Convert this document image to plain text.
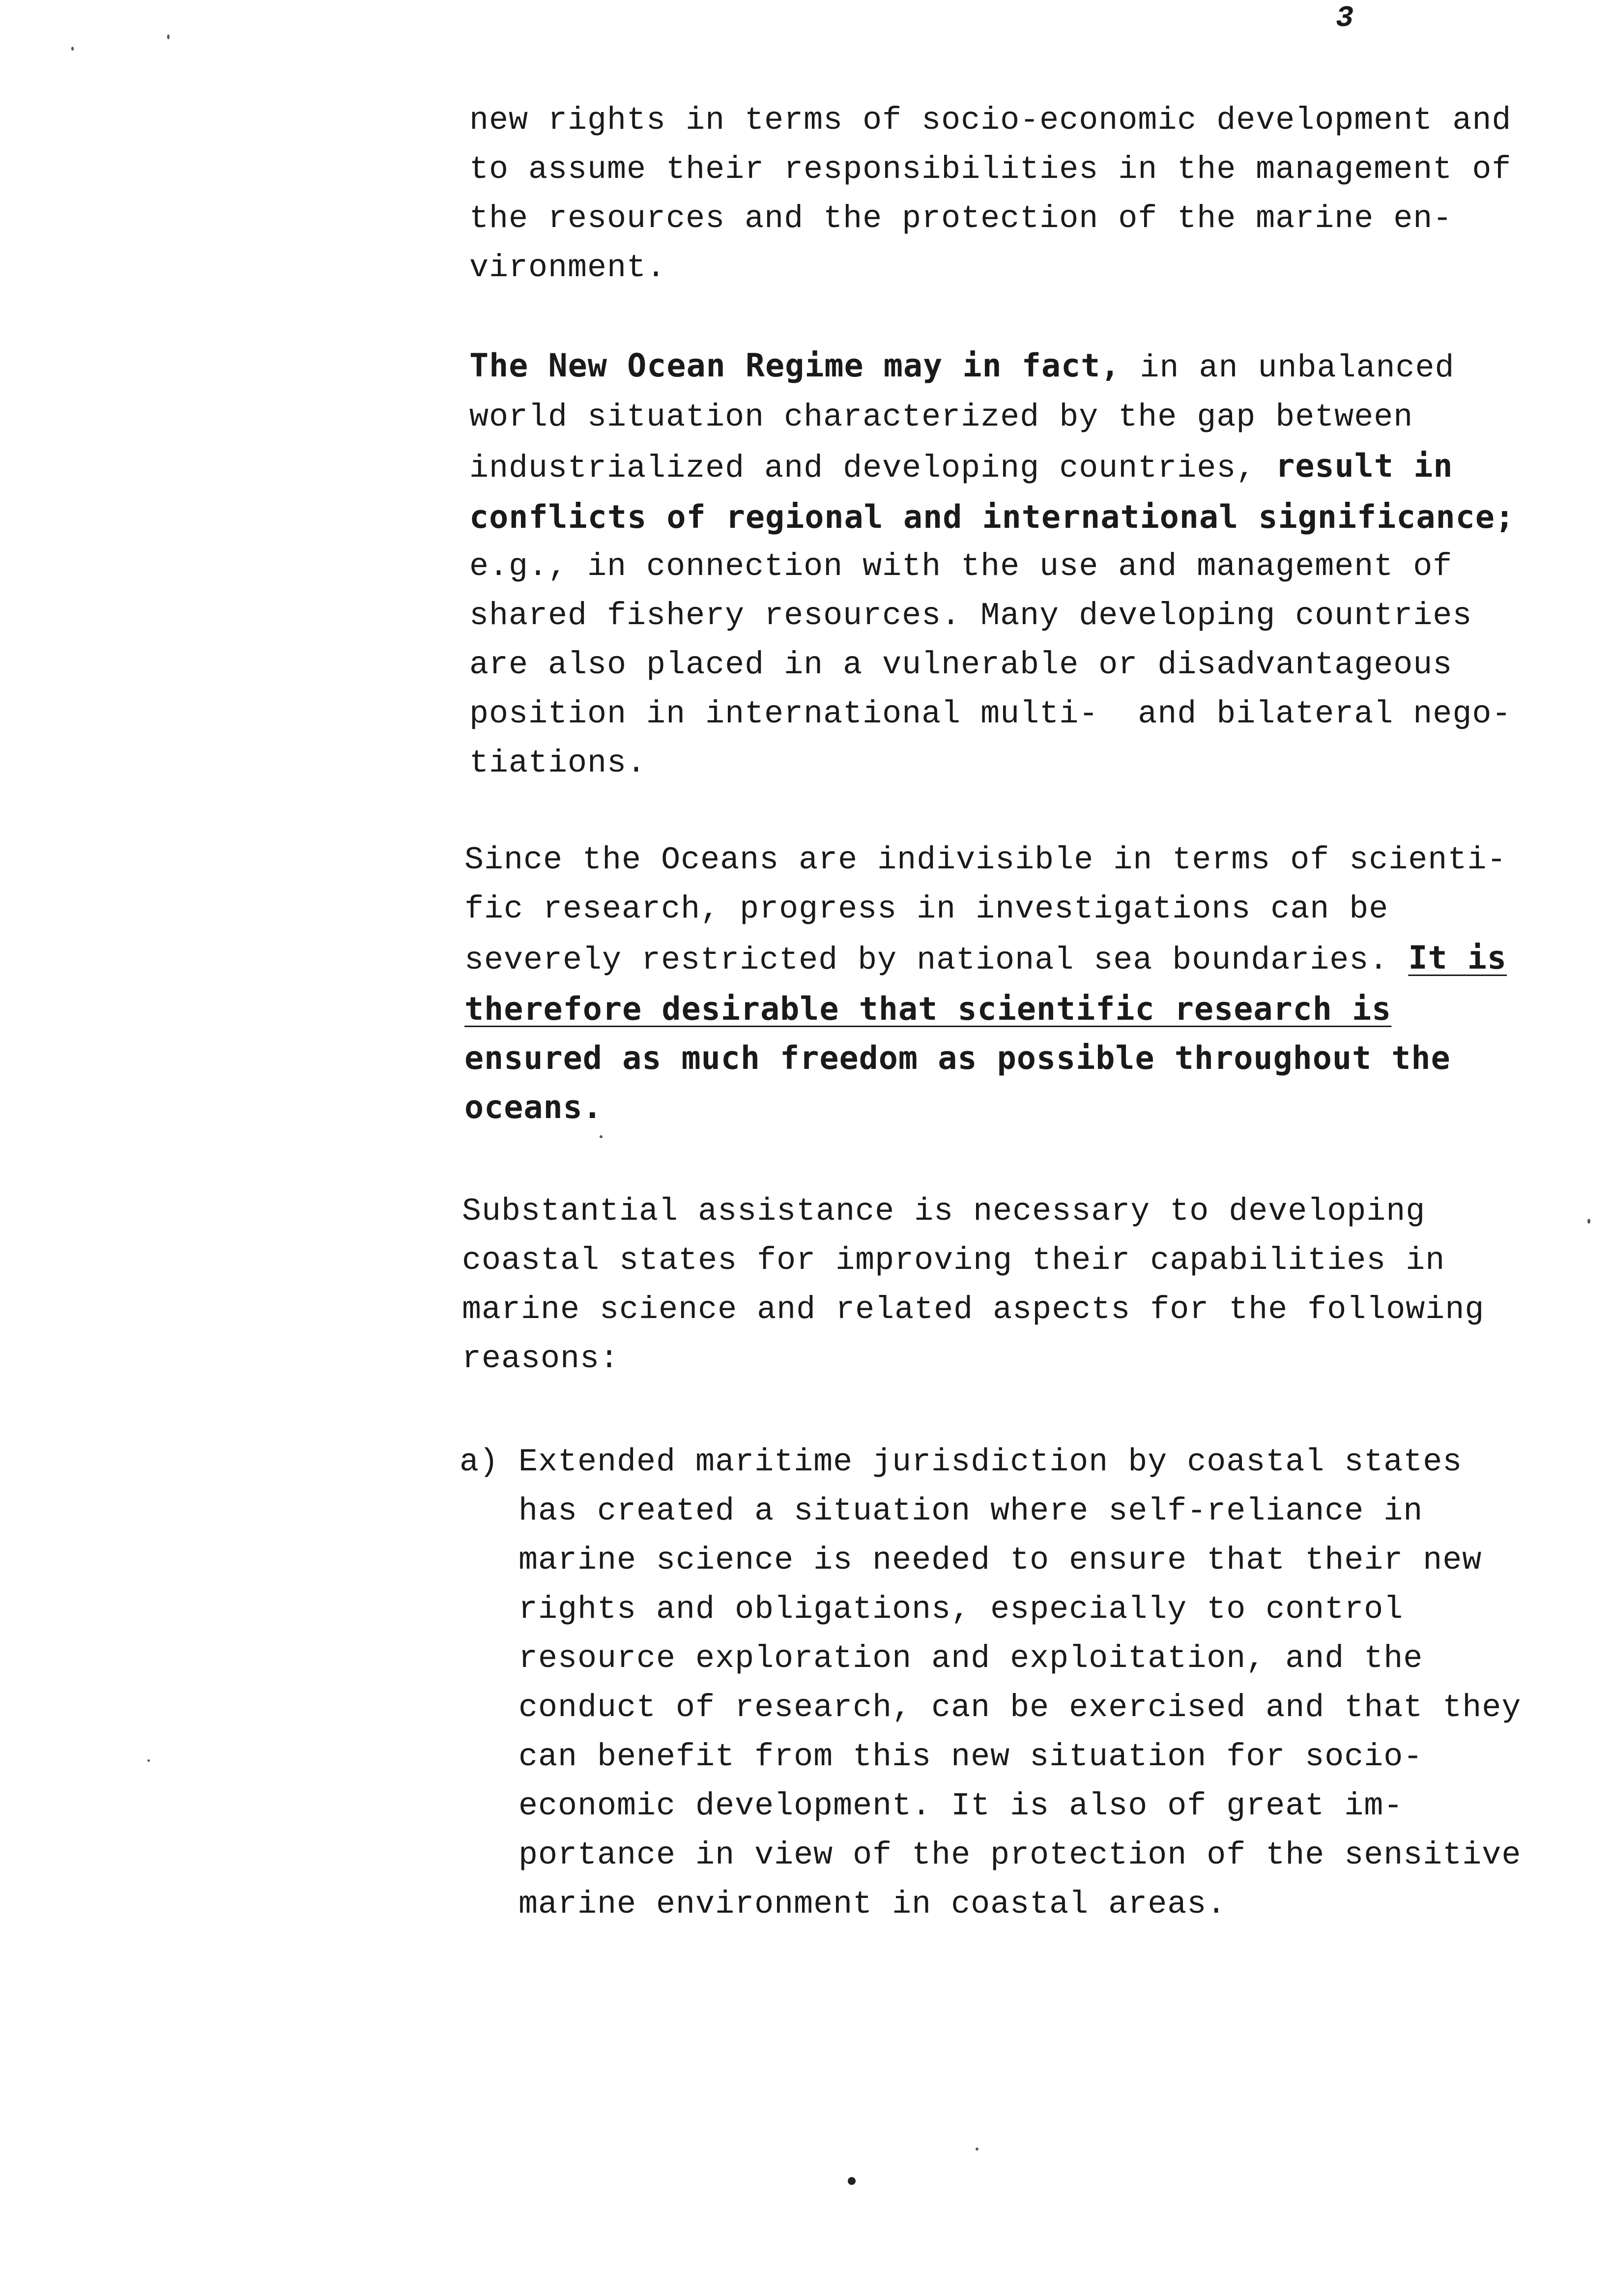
3
new rights in terms of socio-economic development and
to assume their responsibilities in the management of
the resources and the protection of the marine en-
vironment.
The New Ocean Regime may in fact, in an unbalanced
world situation characterized by the gap between
industrialized and developing countries, result in
conflicts of regional and international significance;
e.g., in connection with the use and management of
shared fishery resources. Many developing countries
are also placed in a vulnerable or disadvantageous
position in international multi-  and bilateral nego-
tiations.
Since the Oceans are indivisible in terms of scienti-
fic research, progress in investigations can be
severely restricted by national sea boundaries. It is
therefore desirable that scientific research is
ensured as much freedom as possible throughout the
oceans.
Substantial assistance is necessary to developing
coastal states for improving their capabilities in
marine science and related aspects for the following
reasons:
a) Extended maritime jurisdiction by coastal states
has created a situation where self-reliance in
marine science is needed to ensure that their new
rights and obligations, especially to control
resource exploration and exploitation, and the
conduct of research, can be exercised and that they
can benefit from this new situation for socio-
economic development. It is also of great im-
portance in view of the protection of the sensitive
marine environment in coastal areas.
